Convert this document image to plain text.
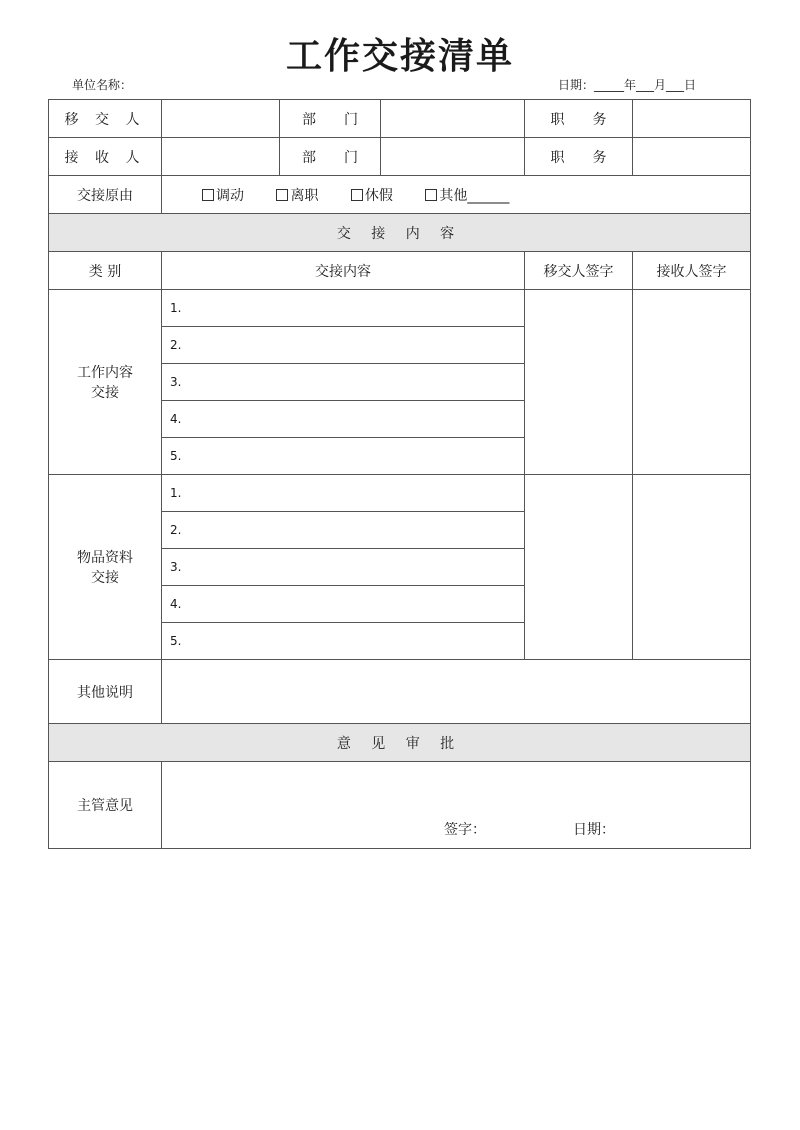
工作交接清单
单位名称：	日期：_____年___月___日
移 交 人		部　　门		职　　务	
接 收 人		部　　门		职　　务	
交接原由	调动 离职 休假 其他______				
交 接 内 容					
类 别	交接内容			移交人签字	接收人签字

工作内容
交接	1.				
	2.				
	3.				
	4.				
	5.				

物品资料
交接	1.				
	2.				
	3.				
	4.				
	5.				
其他说明					
意 见 审 批					
主管意见	签字： 日期：				
